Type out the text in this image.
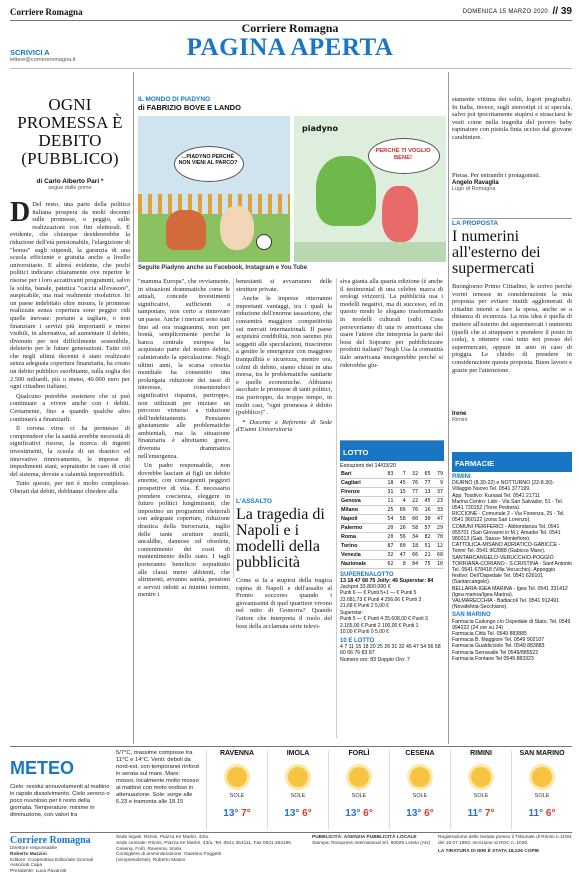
Corriere Romagna	DOMENICA 15 MARZO 2020 // 39
Corriere Romagna
PAGINA APERTA
SCRIVICI A
lettere@corriereromagna.it
OGNI PROMESSA È DEBITO (PUBBLICO)
di Carlo Alberto Pari *
segue dalle prime
D Del resto, una parte della politica italiana prospera da molti decenni sulle promesse, o peggio, sulle realizzazioni con fini elettorali. È evidente, che chiunque desidererebbe la riduzione dell'età pensionabile, l'elargizione di "bonus" sugli stipendi, la garanzia di una scuola efficiente e gratuita anche a livello universitario. E altresì evidente, che pochi politici indicano chiaramente ove reperire le risorse per i loro accattivanti programmi, salvo la solita, banale, patetica "caccia all'evasore", auspicabile, ma mai realmente risolutrice. In un paese indebitato oltre misura, le promesse realizzate senza copertura sono peggio: ridi quelle inevase: portano a tagliare, o non finanziare i servizi più importanti e meno visibili, in alternativa, ad aumentare il debito, divenuto per noi difficilmente sostenibile, deleterio per le future generazioni. Tutto ciò che negli ultimi decenni è stato realizzato senza adeguata copertura finanziaria, ha creato un debito pubblico esorbitante, sulla soglia dei 2.500 miliardi, più o meno, 40.000 euro per ogni cittadino italiano.

Qualcuno potrebbe sostenere che si può continuare a vivere anche con i debiti. Certamente, fino a quando qualche altro continuerà a finanziarli.

Il corona virus ci ha permesso di comprendere che la sanità avrebbe necessità di significativi risorse, la ricerca di ingenti investimenti, la scuola di un drastico ed innovativo rinnovamento, le imprese di impedimenti siani, soprattutto in caso di crisi del sistema, dovute a calamità imprevedibili.

Tutto questo, per noi è molto complesso. Oberati dai debiti, dobbiamo chiedere alla

IL MONDO DI PIADYNO
di FABRIZIO BOVE E LANDO
...PIADYNO PERCHÈ NON VIENI AL PARCO?
piadyno
PERCHÈ TI VOGLIO BENE!
Seguite Piadyno anche su Facebook, Instagram e You Tube

"mamma Europa", che ovviamente, in situazioni drammatiche come le attuali, concede investimenti significativi, sufficienti a tamponare, non certo a rinnovare un paese. Anche i mercati sono stati fino ad ora magnanimi, non per bontà, semplicemente perché la banca centrale europea ha acquistato parte del nostro debito, calmierando la speculazione. Negli ultimi anni, la scarsa crescita mondiale ha consentito una prolungata riduzione dei tassi di interesse, consentendoci significativi risparmi, purtroppo, non utilizzati per iniziare un percorso virtuoso a riduzione dell'indebitamento. Pensiamo giustamente alle problematiche ambientali, ma la situazione finanziaria è altrettanto grave, divenuta drammatica nell'emergenza.

Un padre responsabile, non dovrebbe lasciare ai figli un debito enorme, con conseguenti peggiori prospettive di vita. È necessario prendere coscienza, eleggere in futuro politici lungimiranti, che impostino un programmi elettorali con adeguate coperture, riduzione drastica della burocrazia, taglio delle tante strutture inutili, ancaldhe, dannose ed obsolete, contenimento dei costi di mantenimento dello stato. I tagli porteranno beneficio soprattutto alle classi meno abbienti, che altrimenti, avranno sanità, pensioni e servizi ridotti ai minimi termini, mentre i

benestanti si avvarranno delle strutture private.

Anche le imprese otterranno importanti vantaggi, tra i quali la riduzione dell'enorme tassazione, che consentirà maggiore competitività sui mercati internazionali. Il paese acquisirà credibilità, non saremo più soggetti alle speculazioni, riusciremo a gestire le emergenze con maggiore tranquillità e sicurezza, mentre ora, colmi di debito, siamo chiusi in una morsa, tra le problematiche sanitarie e quelle economiche. Abbiamo ascoltato le promesse di tanti politici, ma purtroppo, da troppo tempo, in molti casi, "ogni promessa è debito (pubblico)" .

* Docente e Referente di Sede d'Esami Universitaria

L'ASSALTO
La tragedia di Napoli e i modelli della pubblicità
Come si fa a stupirsi della tragica rapina di Napoli e dell'assalto al Pronto soccorso quando i giovanissimi di quel quartiere vivono nel mito di Gomorra? Quando l'attore che interpreta il ruolo del boss della acclamata serie televi-
siva gianta alla quarta edizione (è anche il testimonial di una celebre marca di orologi svizzeri). La pubblicità usa i modelli negativi, ma di successo, ed in questo modo lo slogano trasformando in modelli culturali (sub). Cosa perseveriamo di una tv americana che usare l'attore che interpreta la parte del boss del Soprano per pubblicizzare prodotti italiani? Negli Usa la comunità italo americana insorgerebbe perché si riderrebbe giu-
LOTTO
Estrazioni del 14/03/20
Bari	83	7	32	65	79
Cagliari	18	45	76	77	9
Firenze	31	15	77	13	37
Genova	11	4	22	45	23
Milano	25	66	76	16	33
Napoli	54	58	60	30	47
Palermo	20	26	58	57	29
Roma	20	56	34	82	70
Torino	87	60	18	51	12
Venezia	32	47	66	21	68
Nazionale	62	8	84	75	10
SUPERENALOTTO
13 18 47 68 75 Jolly: 46 Superstar: 84
Jackpot 33.800.000 €
Punti 6 — € Punti 5+1 — € Punti 5
23.681,73 € Punti 4 256,06 € Punti 3
21,68 € Punti 2 5,00 €
Superstar:
Punti 5 — € Punti 4 25.608,00 € Punti 3
2.165,00 € Punti 2 100,00 € Punti 1
10,00 € Punti 0 5,00 €
10 E LOTTO
4 7 11 15 18 20 25 26 31 32 45 47 54 56 58 60 66 76 83 87
Numero oro: 83 Doppio Oro: 7
stamente vittima dei soliti, logori pregiudizi. In Italia, invece, sugli stereotipi ci si specula, salvo poi ipocritamente stupirsi e strasciarsi le vesti come nella tragedia del povero baby rapinatore con pistola finta ucciso dal giovane carabiniere.
Pietas. Per entrambi i protagonisti.
Angelo Ravaglia
Lugo di Romagna
LA PROPOSTA
I numerini all'esterno dei supermercati
Buongiorno Primo Cittadino, le scrivo perché vorrei tenesse in considerazione la mia proposta per evitare inutili agglomerati di cittadini intenti a fare la spesa, anche se a distanza di sicurezza. La mia idea è quella di mettere all'esterno dei supermercati i numerini (quelli che si strappano x prendere il posto in coda), x ottenere così tutto noi presso del supermercato, oppure in auto in caso di pioggia. Le chiedo di prendere in considerazione questa proposta. Buon lavoro e grazie per l'attenzione.
Irene
Rimini
FARMACIE
RIMINI
DIURNO (8.30-22) e NOTTURNO (22-8.30): Villaggio Nuovo Tel. 0541 377199.
App. Tosdivo: Kursaal Tel. 0541 21711
Marina Centro: Lido - Via San Salvador, 51 - Tel. 0541 720152 (Torre Pedrera).
RICCIONE - Comunale 2 - Via Fiorenza, 25 - Tel. 0541 960122 (zona San Lorenzo).
COMUNI PERIFERICI - Abbondanza Tel. 0541 955701 (San Giovanni in M.); Amadei Tel. 0541 980313 (Gab. Sasso- Montefiore).
CATTOLICA-MISANO ADRIATICO-GABICCE - Tonini Tel. 0541 962888 (Gabicce Mare).
SANTARCANGELO-VERUCCHIO-POGGIO TORRIANA-CORIANO - S.CRISTINA - Sant'Antonio Tel. 0541 678418 (Villa Verucchio). Appoggio festivo: Dell'Ospedale Tel. 0541 626101 (Santarcangelo).
BELLARIA-IGEA MARINA - Igea Tel. 0541 331412 (Igea marina/Igea Marina).
VALMARECCHIA - Badiacoli Tel. 0541 912491 (Novafeltria-Secchiano).
SAN MARINO
Farmacia Cailungo c/o Ospedale di Stato. Tel. 0549 994222 (24 ore su 24)
Farmacia Città Tel. 0549 883885
Farmacia B. Maggiore Tel. 0549 902107
Farmacia Gualdicciolo Tel. 0549 883883
Farmacia Serravalle Tel 0549/885522
Farmacia Fontane Tel 0549 883323
METEO
Cielo: residui annuvolamenti al mattino in rapido dissolvimento. Cielo sereno o poco nuvoloso per il resto della giornata. Temperature: minime in diminuzione, con valori tra
5/7°C, massime comprese tra 11°C e 14°C. Venti: deboli da nord-est, con temporanei rinforzi in serata sul mare. Mare: mosso, localmente molto mosso al mattino con moto ondoso in attenuazione. Sole: sorge alle 6.23 e tramonta alle 18.15
RAVENNA
SOLE
13° 7°
IMOLA
SOLE
13° 6°
FORLÌ
SOLE
13° 6°
CESENA
SOLE
13° 6°
RIMINI
SOLE
11° 7°
SAN MARINO
SOLE
11° 6°
Corriere Romagna
Direttore responsabile
Roberto Mazzini
Editore: Cooperativa Editoriale Giornali Associati Capa
Presidente: Luca Pavarotti
Sede legale: Rimini, Piazza tre Martiri, 43/a.
Sede centrale: Rimini, Piazza tre Martiri, 43/a. Tel. 0541.354111, Fax 0541.354195
Cesena, Forlì, Ravenna, Imola
Consigliere di amministrazione: Gaetano Foggetti
(vicepresidente), Roberto Masini
PUBBLICITÀ: AGENZIA PUBBLICITÀ LOCALE
Stampa: Rotopress International Srl, 60025 Loreto (AN)
Registrazione delle testata presso il Tribunale di Rimini n.11/93 del 16.07.1993. Iscrizione al ROC n. 1026.
LA TIRATURA DI IERI È STATA 18.226 COPIE
